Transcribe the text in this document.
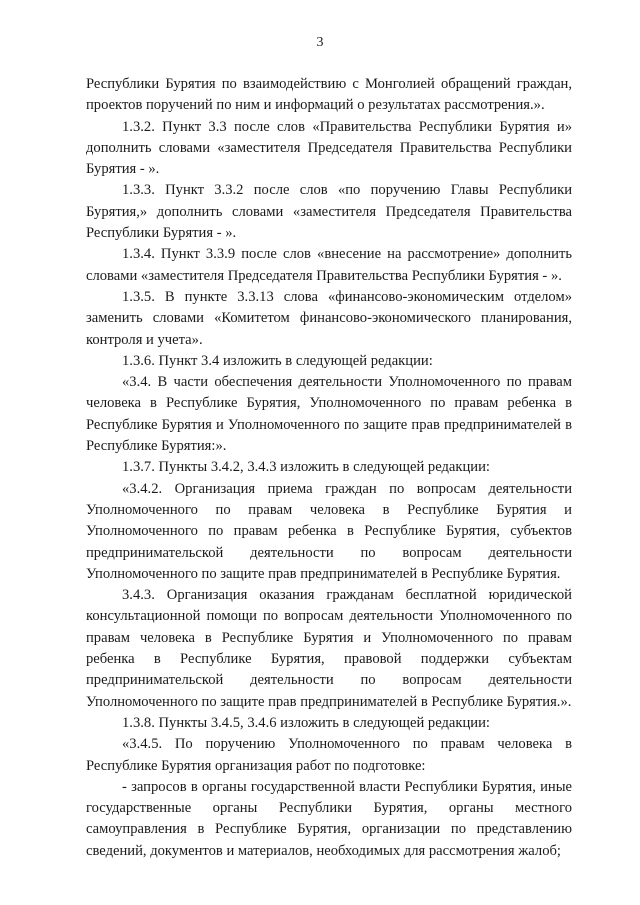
3

Республики Бурятия по взаимодействию с Монголией обращений граждан, проектов поручений по ним и информаций о результатах рассмотрения.».

1.3.2. Пункт 3.3 после слов «Правительства Республики Бурятия и» дополнить словами «заместителя Председателя Правительства Республики Бурятия - ».

1.3.3. Пункт 3.3.2 после слов «по поручению Главы Республики Бурятия,» дополнить словами «заместителя Председателя Правительства Республики Бурятия - ».

1.3.4. Пункт 3.3.9 после слов «внесение на рассмотрение» дополнить словами «заместителя Председателя Правительства Республики Бурятия - ».

1.3.5. В пункте 3.3.13 слова «финансово-экономическим отделом» заменить словами «Комитетом финансово-экономического планирования, контроля и учета».

1.3.6. Пункт 3.4 изложить в следующей редакции:

«3.4. В части обеспечения деятельности Уполномоченного по правам человека в Республике Бурятия, Уполномоченного по правам ребенка в Республике Бурятия и Уполномоченного по защите прав предпринимателей в Республике Бурятия:».

1.3.7. Пункты 3.4.2, 3.4.3 изложить в следующей редакции:

«3.4.2. Организация приема граждан по вопросам деятельности Уполномоченного по правам человека в Республике Бурятия и Уполномоченного по правам ребенка в Республике Бурятия, субъектов предпринимательской деятельности по вопросам деятельности Уполномоченного по защите прав предпринимателей в Республике Бурятия.

3.4.3. Организация оказания гражданам бесплатной юридической консультационной помощи по вопросам деятельности Уполномоченного по правам человека в Республике Бурятия и Уполномоченного по правам ребенка в Республике Бурятия, правовой поддержки субъектам предпринимательской деятельности по вопросам деятельности Уполномоченного по защите прав предпринимателей в Республике Бурятия.».

1.3.8. Пункты 3.4.5, 3.4.6 изложить в следующей редакции:

«3.4.5. По поручению Уполномоченного по правам человека в Республике Бурятия организация работ по подготовке:

- запросов в органы государственной власти Республики Бурятия, иные государственные органы Республики Бурятия, органы местного самоуправления в Республике Бурятия, организации по представлению сведений, документов и материалов, необходимых для рассмотрения жалоб;
